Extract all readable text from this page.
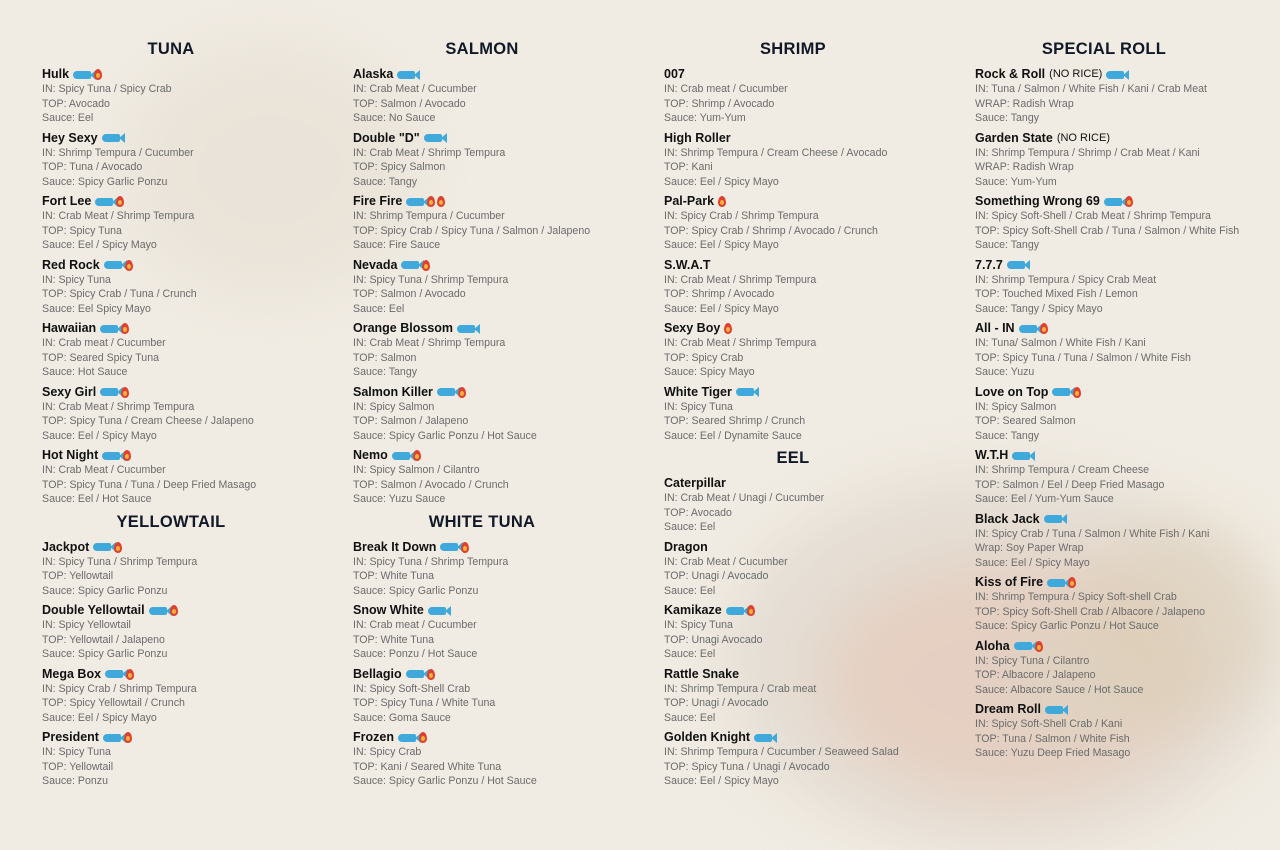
TUNA
Hulk
IN: Spicy Tuna / Spicy Crab
TOP: Avocado
Sauce: Eel
Hey Sexy
IN: Shrimp Tempura / Cucumber
TOP: Tuna / Avocado
Sauce: Spicy Garlic Ponzu
Fort Lee
IN: Crab Meat / Shrimp Tempura
TOP: Spicy Tuna
Sauce: Eel / Spicy Mayo
Red Rock
IN: Spicy Tuna
TOP: Spicy Crab / Tuna / Crunch
Sauce: Eel Spicy Mayo
Hawaiian
IN: Crab meat / Cucumber
TOP: Seared Spicy Tuna
Sauce: Hot Sauce
Sexy Girl
IN: Crab Meat / Shrimp Tempura
TOP: Spicy Tuna / Cream Cheese / Jalapeno
Sauce: Eel / Spicy Mayo
Hot Night
IN: Crab Meat / Cucumber
TOP: Spicy Tuna / Tuna / Deep Fried Masago
Sauce: Eel / Hot Sauce
YELLOWTAIL
Jackpot
IN: Spicy Tuna / Shrimp Tempura
TOP: Yellowtail
Sauce: Spicy Garlic Ponzu
Double Yellowtail
IN: Spicy Yellowtail
TOP: Yellowtail / Jalapeno
Sauce: Spicy Garlic Ponzu
Mega Box
IN: Spicy Crab / Shrimp Tempura
TOP: Spicy Yellowtail / Crunch
Sauce: Eel / Spicy Mayo
President
IN: Spicy Tuna
TOP: Yellowtail
Sauce: Ponzu
SALMON
Alaska
IN: Crab Meat / Cucumber
TOP: Salmon / Avocado
Sauce: No Sauce
Double "D"
IN: Crab Meat / Shrimp Tempura
TOP: Spicy Salmon
Sauce: Tangy
Fire Fire
IN: Shrimp Tempura / Cucumber
TOP: Spicy Crab / Spicy Tuna / Salmon / Jalapeno
Sauce: Fire Sauce
Nevada
IN: Spicy Tuna / Shrimp Tempura
TOP: Salmon / Avocado
Sauce: Eel
Orange Blossom
IN: Crab Meat / Shrimp Tempura
TOP: Salmon
Sauce: Tangy
Salmon Killer
IN: Spicy Salmon
TOP: Salmon / Jalapeno
Sauce: Spicy Garlic Ponzu / Hot Sauce
Nemo
IN: Spicy Salmon / Cilantro
TOP: Salmon / Avocado / Crunch
Sauce: Yuzu Sauce
WHITE TUNA
Break It Down
IN: Spicy Tuna / Shrimp Tempura
TOP: White Tuna
Sauce: Spicy Garlic Ponzu
Snow White
IN: Crab meat / Cucumber
TOP: White Tuna
Sauce: Ponzu / Hot Sauce
Bellagio
IN: Spicy Soft-Shell Crab
TOP: Spicy Tuna / White Tuna
Sauce: Goma Sauce
Frozen
IN: Spicy Crab
TOP: Kani / Seared White Tuna
Sauce: Spicy Garlic Ponzu / Hot Sauce
SHRIMP
007
IN: Crab meat / Cucumber
TOP: Shrimp / Avocado
Sauce: Yum-Yum
High Roller
IN: Shrimp Tempura / Cream Cheese / Avocado
TOP: Kani
Sauce: Eel / Spicy Mayo
Pal-Park
IN: Spicy Crab / Shrimp Tempura
TOP: Spicy Crab / Shrimp / Avocado / Crunch
Sauce: Eel / Spicy Mayo
S.W.A.T
IN: Crab Meat / Shrimp Tempura
TOP: Shrimp / Avocado
Sauce: Eel / Spicy Mayo
Sexy Boy
IN: Crab Meat / Shrimp Tempura
TOP: Spicy Crab
Sauce: Spicy Mayo
White Tiger
IN: Spicy Tuna
TOP: Seared Shrimp / Crunch
Sauce: Eel / Dynamite Sauce
EEL
Caterpillar
IN: Crab Meat / Unagi / Cucumber
TOP: Avocado
Sauce: Eel
Dragon
IN: Crab Meat / Cucumber
TOP: Unagi / Avocado
Sauce: Eel
Kamikaze
IN: Spicy Tuna
TOP: Unagi Avocado
Sauce: Eel
Rattle Snake
IN: Shrimp Tempura / Crab meat
TOP: Unagi / Avocado
Sauce: Eel
Golden Knight
IN: Shrimp Tempura / Cucumber / Seaweed Salad
TOP: Spicy Tuna / Unagi / Avocado
Sauce: Eel / Spicy Mayo
SPECIAL ROLL
Rock & Roll (NO RICE)
IN: Tuna / Salmon / White Fish / Kani / Crab Meat
WRAP: Radish Wrap
Sauce: Tangy
Garden State (NO RICE)
IN: Shrimp Tempura / Shrimp / Crab Meat / Kani
WRAP: Radish Wrap
Sauce: Yum-Yum
Something Wrong 69
IN: Spicy Soft-Shell / Crab Meat / Shrimp Tempura
TOP: Spicy Soft-Shell Crab / Tuna / Salmon / White Fish
Sauce: Tangy
7.7.7
IN: Shrimp Tempura / Spicy Crab Meat
TOP: Touched Mixed Fish / Lemon
Sauce: Tangy / Spicy Mayo
All - IN
IN: Tuna/ Salmon / White Fish / Kani
TOP: Spicy Tuna / Tuna / Salmon / White Fish
Sauce: Yuzu
Love on Top
IN: Spicy Salmon
TOP: Seared Salmon
Sauce: Tangy
W.T.H
IN: Shrimp Tempura / Cream Cheese
TOP: Salmon / Eel / Deep Fried Masago
Sauce: Eel / Yum-Yum Sauce
Black Jack
IN: Spicy Crab / Tuna / Salmon / White Fish / Kani
Wrap: Soy Paper Wrap
Sauce: Eel / Spicy Mayo
Kiss of Fire
IN: Shrimp Tempura / Spicy Soft-shell Crab
TOP: Spicy Soft-Shell Crab / Albacore / Jalapeno
Sauce: Spicy Garlic Ponzu / Hot Sauce
Aloha
IN: Spicy Tuna / Cilantro
TOP: Albacore / Jalapeno
Sauce: Albacore Sauce / Hot Sauce
Dream Roll
IN: Spicy Soft-Shell Crab / Kani
TOP: Tuna / Salmon / White Fish
Sauce: Yuzu Deep Fried Masago
